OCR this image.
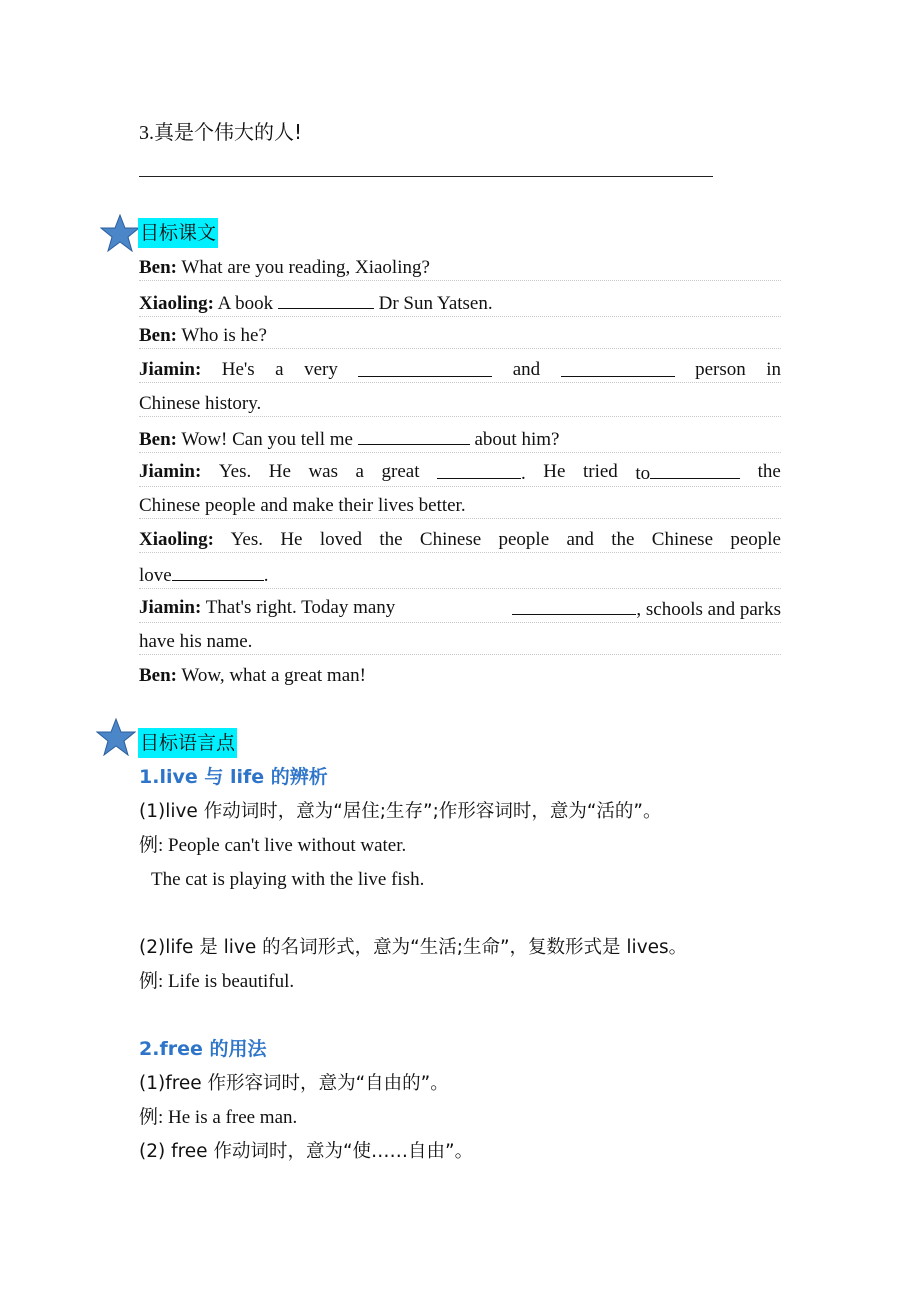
3.真是个伟大的人!
目标课文
Ben: What are you reading, Xiaoling?
Xiaoling: A book	Dr Sun Yatsen.
Ben: Who is he?
Jiamin: He's a very	and	person in
Chinese history.
Ben: Wow! Can you tell me	about him?
Jiamin: Yes. He was a great	. He tried to	the
Chinese people and make their lives better.
Xiaoling: Yes. He loved the Chinese people and the Chinese people
love	.
Jiamin: That's right. Today many	, schools and parks
have his name.
Ben: Wow, what a great man!
目标语言点
1.live 与 life 的辨析
(1)live 作动词时，意为“居住;生存”;作形容词时，意为“活的”。
例: People can't live without water.
The cat is playing with the live fish.
(2)life 是 live 的名词形式，意为“生活;生命”，复数形式是 lives。
例: Life is beautiful.
2.free 的用法
(1)free 作形容词时，意为“自由的”。
例: He is a free man.
(2) free 作动词时，意为“使……自由”。
